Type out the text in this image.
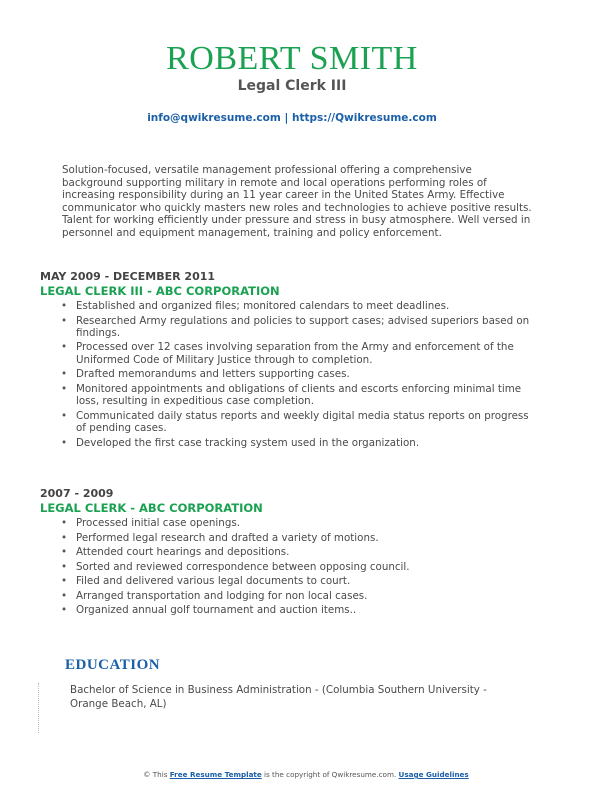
ROBERT SMITH
Legal Clerk III
info@qwikresume.com | https://Qwikresume.com
Solution-focused, versatile management professional offering a comprehensive background supporting military in remote and local operations performing roles of increasing responsibility during an 11 year career in the United States Army. Effective communicator who quickly masters new roles and technologies to achieve positive results. Talent for working efficiently under pressure and stress in busy atmosphere. Well versed in personnel and equipment management, training and policy enforcement.
MAY 2009 - DECEMBER 2011
LEGAL CLERK III - ABC CORPORATION
• Established and organized files; monitored calendars to meet deadlines.
• Researched Army regulations and policies to support cases; advised superiors based on findings.
• Processed over 12 cases involving separation from the Army and enforcement of the Uniformed Code of Military Justice through to completion.
• Drafted memorandums and letters supporting cases.
• Monitored appointments and obligations of clients and escorts enforcing minimal time loss, resulting in expeditious case completion.
• Communicated daily status reports and weekly digital media status reports on progress of pending cases.
• Developed the first case tracking system used in the organization.
2007 - 2009
LEGAL CLERK - ABC CORPORATION
• Processed initial case openings.
• Performed legal research and drafted a variety of motions.
• Attended court hearings and depositions.
• Sorted and reviewed correspondence between opposing council.
• Filed and delivered various legal documents to court.
• Arranged transportation and lodging for non local cases.
• Organized annual golf tournament and auction items..
EDUCATION
Bachelor of Science in Business Administration - (Columbia Southern University -
Orange Beach, AL)
© This Free Resume Template is the copyright of Qwikresume.com. Usage Guidelines
